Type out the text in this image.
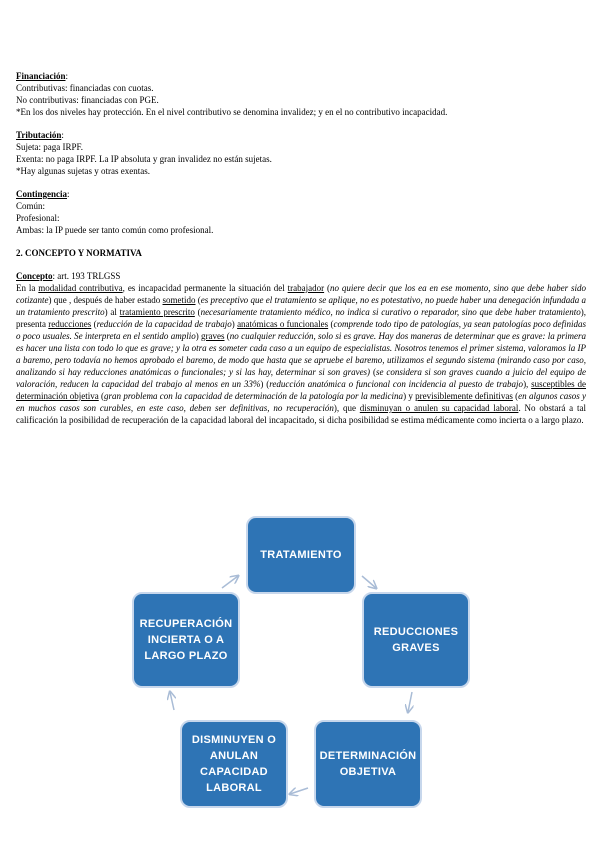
Financiación:
Contributivas: financiadas con cuotas.
No contributivas: financiadas con PGE.
*En los dos niveles hay protección. En el nivel contributivo se denomina invalidez; y en el no contributivo incapacidad.
Tributación:
Sujeta: paga IRPF.
Exenta: no paga IRPF. La IP absoluta y gran invalidez no están sujetas.
*Hay algunas sujetas y otras exentas.
Contingencia:
Común:
Profesional:
Ambas: la IP puede ser tanto común como profesional.
2. CONCEPTO Y NORMATIVA
Concepto: art. 193 TRLGSS
En la modalidad contributiva, es incapacidad permanente la situación del trabajador (no quiere decir que los ea en ese momento, sino que debe haber sido cotizante) que , después de haber estado sometido (es preceptivo que el tratamiento se aplique, no es potestativo, no puede haber una denegación infundada a un tratamiento prescrito) al tratamiento prescrito (necesariamente tratamiento médico, no indica si curativo o reparador, sino que debe haber tratamiento), presenta reducciones (reducción de la capacidad de trabajo) anatómicas o funcionales (comprende todo tipo de patologías, ya sean patologías poco definidas o poco usuales. Se interpreta en el sentido amplio) graves (no cualquier reducción, solo si es grave. Hay dos maneras de determinar que es grave: la primera es hacer una lista con todo lo que es grave; y la otra es someter cada caso a un equipo de especialistas. Nosotros tenemos el primer sistema, valoramos la IP a baremo, pero todavía no hemos aprobado el baremo, de modo que hasta que se apruebe el baremo, utilizamos el segundo sistema (mirando caso por caso, analizando si hay reducciones anatómicas o funcionales; y si las hay, determinar si son graves) (se considera si son graves cuando a juicio del equipo de valoración, reducen la capacidad del trabajo al menos en un 33%) (reducción anatómica o funcional con incidencia al puesto de trabajo), susceptibles de determinación objetiva (gran problema con la capacidad de determinación de la patología por la medicina) y previsiblemente definitivas (en algunos casos y en muchos casos son curables, en este caso, deben ser definitivas, no recuperación), que disminuyan o anulen su capacidad laboral. No obstará a tal calificación la posibilidad de recuperación de la capacidad laboral del incapacitado, si dicha posibilidad se estima médicamente como incierta o a largo plazo.
TRATAMIENTO
REDUCCIONES
GRAVES
DETERMINACIÓN
OBJETIVA
DISMINUYEN O
ANULAN
CAPACIDAD
LABORAL
RECUPERACIÓN
INCIERTA O A
LARGO PLAZO
